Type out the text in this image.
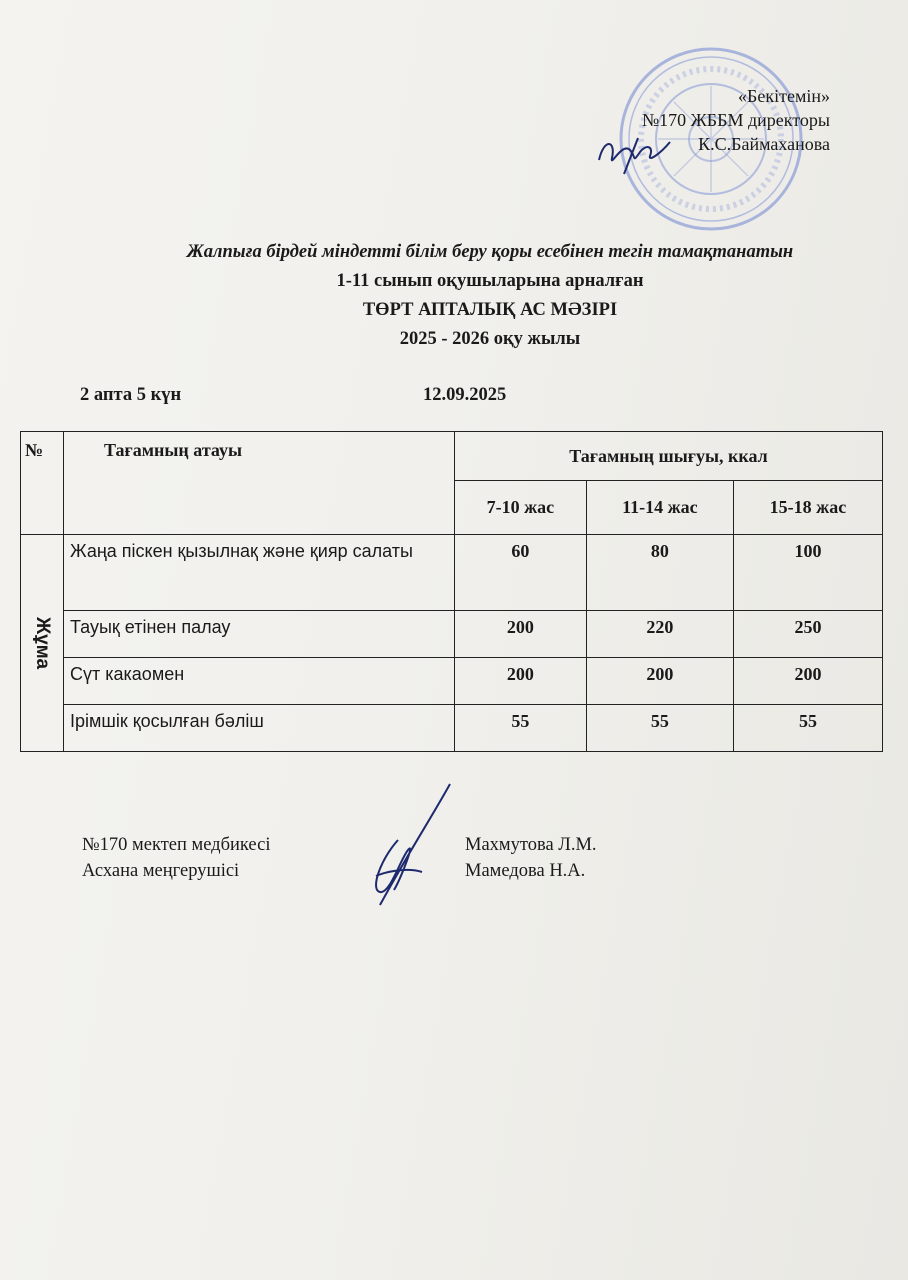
«Бекітемін»
№170 ЖББМ директоры
К.С.Баймаханова
Жалпыға бірдей міндетті білім беру қоры есебінен тегін тамақтанатын
1-11 сынып оқушыларына арналған
ТӨРТ АПТАЛЫҚ АС МӘЗІРІ
2025 - 2026 оқу жылы
2 апта 5 күн	12.09.2025
№	Тағамның атауы	Тағамның шығуы, ккал		
		7-10 жас	11-14 жас	15-18 жас

Жұма	Жаңа піскен қызылнақ және қияр салаты	60	80	100
	Тауық етінен палау	200	220	250
	Сүт какаомен	200	200	200
	Ірімшік қосылған бәліш	55	55	55
№170 мектеп медбикесі
Асхана меңгерушісі
Махмутова Л.М.
Мамедова Н.А.
